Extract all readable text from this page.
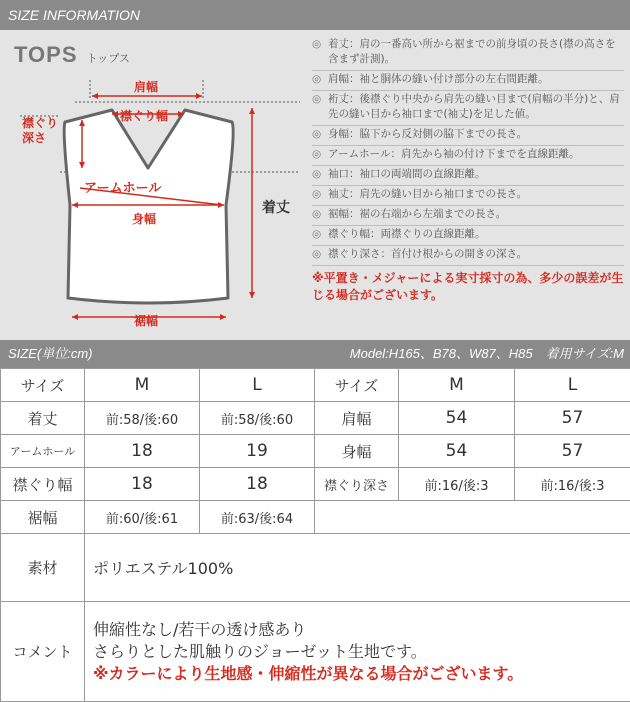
SIZE INFORMATION
肩幅
襟ぐり幅
襟ぐり
深さ
アームホール
身幅
着丈
裾幅
TOPS トップス
◎ 着丈：肩の一番高い所から裾までの前身頃の長さ(襟の高さを含まず計測)。
◎ 肩幅：袖と胴体の縫い付け部分の左右間距離。
◎ 裄丈：後襟ぐり中央から肩先の縫い目まで(肩幅の半分)と、肩先の縫い目から袖口まで(袖丈)を足した値。
◎ 身幅：脇下から反対側の脇下までの長さ。
◎ アームホール：肩先から袖の付け下までを直線距離。
◎ 袖口：袖口の両端間の直線距離。
◎ 袖丈：肩先の縫い目から袖口までの長さ。
◎ 裾幅：裾の右端から左端までの長さ。
◎ 襟ぐり幅：両襟ぐりの直線距離。
◎ 襟ぐり深さ：首付け根からの開きの深さ。
※平置き・メジャーによる実寸採寸の為、多少の誤差が生じる場合がございます。
SIZE(単位:cm)	Model:H165、B78、W87、H85　着用サイズ:M
サイズ	M	L	サイズ	M	L
着丈	前:58/後:60	前:58/後:60	肩幅	54	57
アームホール	18	19	身幅	54	57
襟ぐり幅	18	18	襟ぐり深さ	前:16/後:3	前:16/後:3
裾幅	前:60/後:61	前:63/後:64			
素材	ポリエステル100%				
コメント	伸縮性なし/若干の透け感あり
さらりとした肌触りのジョーゼット生地です。
※カラーにより生地感・伸縮性が異なる場合がございます。				
